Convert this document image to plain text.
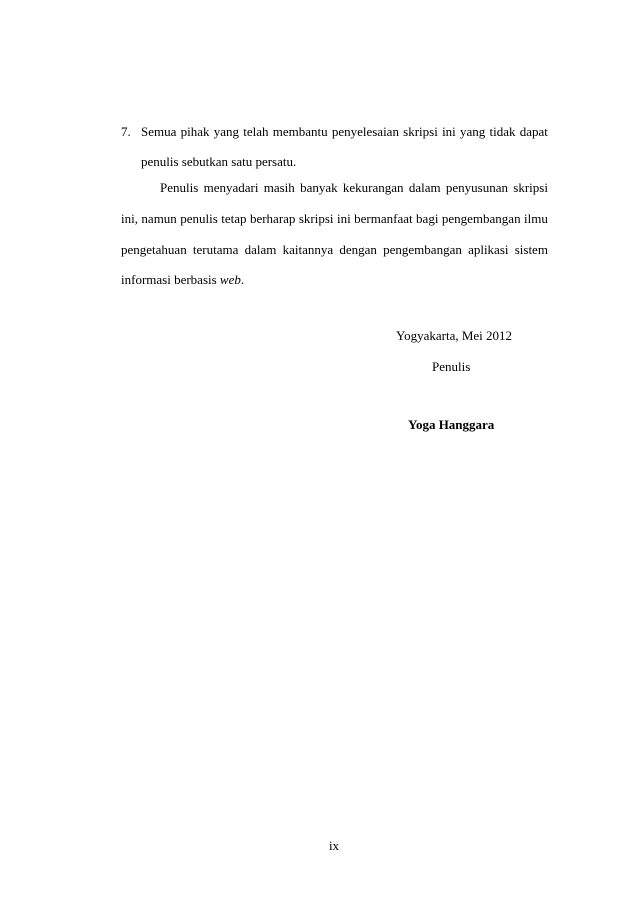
7. Semua pihak yang telah membantu penyelesaian skripsi ini yang tidak dapat
penulis sebutkan satu persatu.
Penulis menyadari masih banyak kekurangan dalam penyusunan skripsi
ini, namun penulis tetap berharap skripsi ini bermanfaat bagi pengembangan ilmu
pengetahuan terutama dalam kaitannya dengan pengembangan aplikasi sistem
informasi berbasis web.
Yogyakarta, Mei 2012
Penulis
Yoga Hanggara
ix
